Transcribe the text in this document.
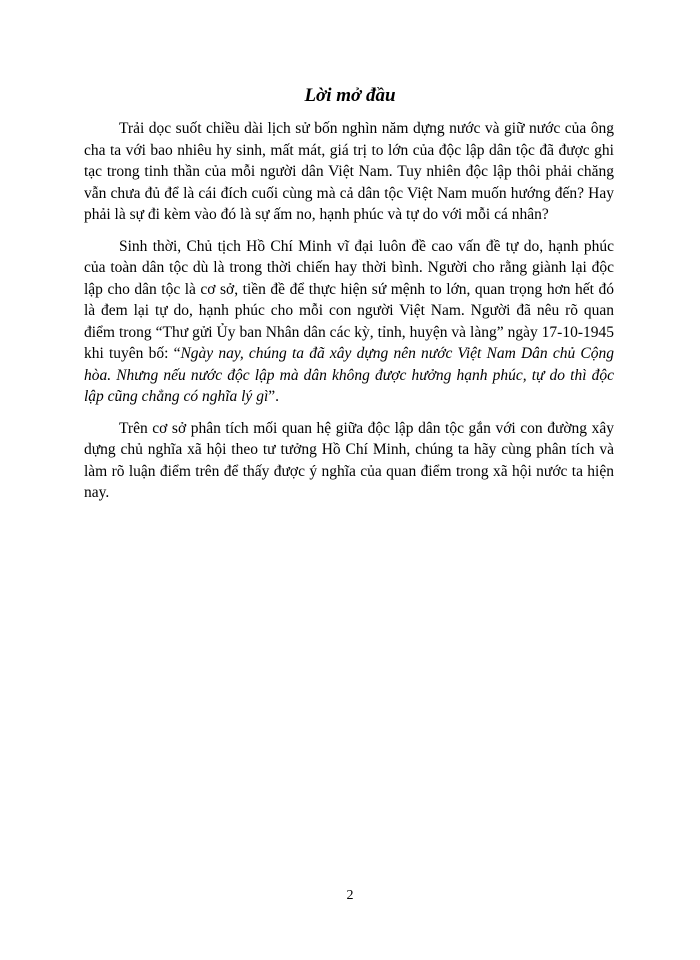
Lời mở đầu

Trải dọc suốt chiều dài lịch sử bốn nghìn năm dựng nước và giữ nước của ông cha ta với bao nhiêu hy sinh, mất mát, giá trị to lớn của độc lập dân tộc đã được ghi tạc trong tinh thần của mỗi người dân Việt Nam. Tuy nhiên độc lập thôi phải chăng vẫn chưa đủ để là cái đích cuối cùng mà cả dân tộc Việt Nam muốn hướng đến? Hay phải là sự đi kèm vào đó là sự ấm no, hạnh phúc và tự do với mỗi cá nhân?

Sinh thời, Chủ tịch Hồ Chí Minh vĩ đại luôn đề cao vấn đề tự do, hạnh phúc của toàn dân tộc dù là trong thời chiến hay thời bình. Người cho rằng giành lại độc lập cho dân tộc là cơ sở, tiền đề để thực hiện sứ mệnh to lớn, quan trọng hơn hết đó là đem lại tự do, hạnh phúc cho mỗi con người Việt Nam. Người đã nêu rõ quan điểm trong “Thư gửi Ủy ban Nhân dân các kỳ, tỉnh, huyện và làng” ngày 17-10-1945 khi tuyên bố: “Ngày nay, chúng ta đã xây dựng nên nước Việt Nam Dân chủ Cộng hòa. Nhưng nếu nước độc lập mà dân không được hưởng hạnh phúc, tự do thì độc lập cũng chẳng có nghĩa lý gì”.

Trên cơ sở phân tích mối quan hệ giữa độc lập dân tộc gắn với con đường xây dựng chủ nghĩa xã hội theo tư tưởng Hồ Chí Minh, chúng ta hãy cùng phân tích và làm rõ luận điểm trên để thấy được ý nghĩa của quan điểm trong xã hội nước ta hiện nay.

2
